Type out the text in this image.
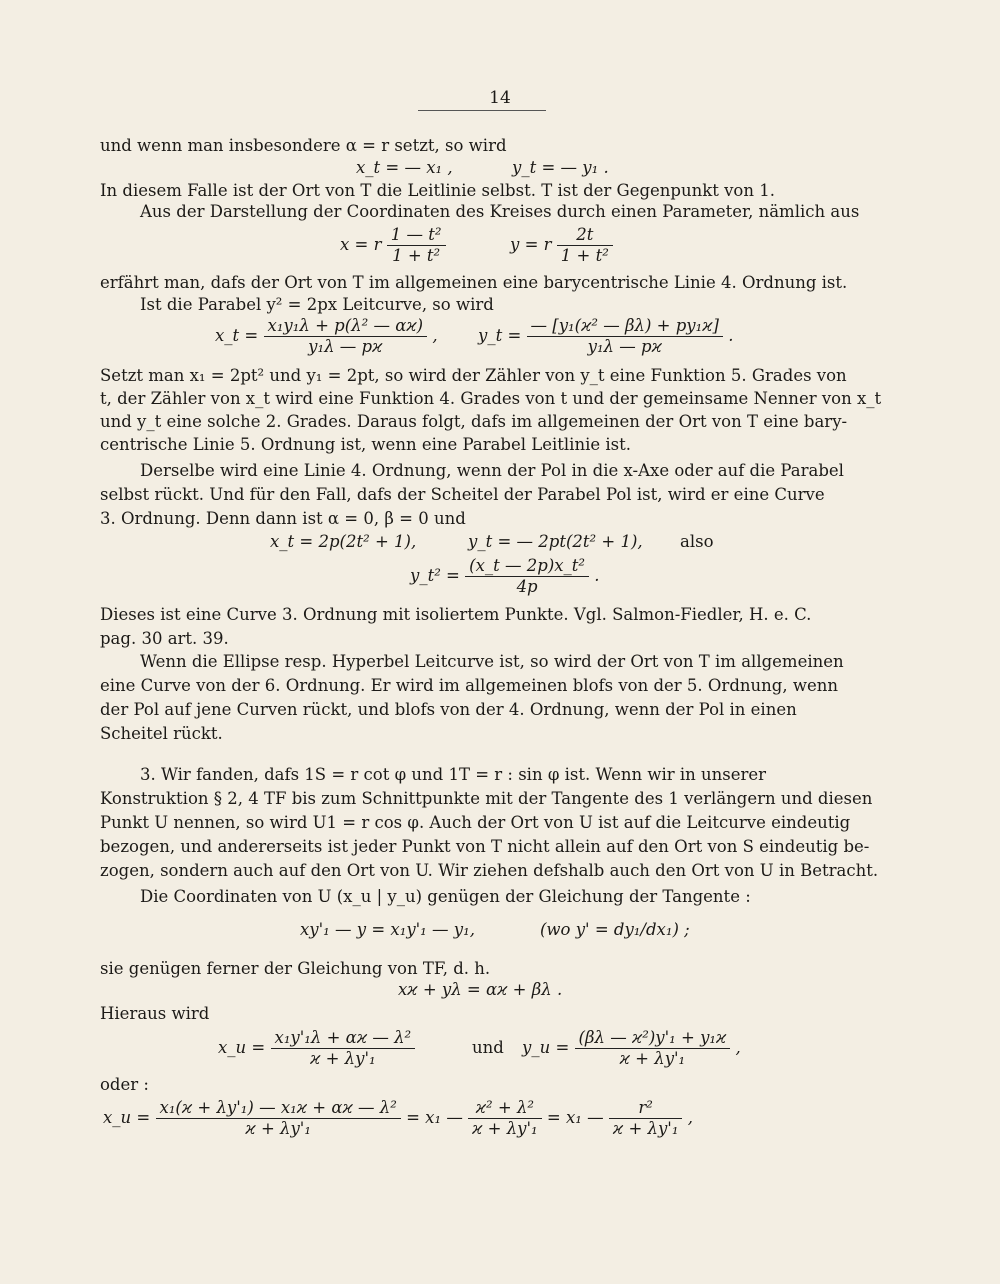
14
und wenn man insbesondere α = r setzt, so wird
x_t = — x₁ ,	y_t = — y₁ .
In diesem Falle ist der Ort von T die Leitlinie selbst. T ist der Gegenpunkt von 1.
Aus der Darstellung der Coordinaten des Kreises durch einen Parameter, nämlich aus
x = r $\frac{\text{1 — t²}}{\text{1 + t²}}$	y = r $\frac{2t}{\text{1 + t²}}$
erfährt man, dafs der Ort von T im allgemeinen eine barycentrische Linie 4. Ordnung ist.
Ist die Parabel y² = 2px Leitcurve, so wird
x_t = $\frac{\text{x₁y₁λ + p(λ² — αϰ)}}{\text{y₁λ — pϰ}}$ , y_t = $\frac{\text{— [y₁(ϰ² — βλ) + py₁ϰ]}}{\text{y₁λ — pϰ}}$ .
Setzt man x₁ = 2pt² und y₁ = 2pt, so wird der Zähler von y_t eine Funktion 5. Grades von
t, der Zähler von x_t wird eine Funktion 4. Grades von t und der gemeinsame Nenner von x_t
und y_t eine solche 2. Grades. Daraus folgt, dafs im allgemeinen der Ort von T eine bary-
centrische Linie 5. Ordnung ist, wenn eine Parabel Leitlinie ist.
Derselbe wird eine Linie 4. Ordnung, wenn der Pol in die x-Axe oder auf die Parabel
selbst rückt. Und für den Fall, dafs der Scheitel der Parabel Pol ist, wird er eine Curve
3. Ordnung. Denn dann ist α = 0, β = 0 und
x_t = 2p(2t² + 1),	y_t = — 2pt(2t² + 1), also
y_t² = $\frac{\text{(x\_t — 2p)x\_t²}}{4p}$ .
Dieses ist eine Curve 3. Ordnung mit isoliertem Punkte. Vgl. Salmon-Fiedler, H. e. C.
pag. 30 art. 39.
Wenn die Ellipse resp. Hyperbel Leitcurve ist, so wird der Ort von T im allgemeinen
eine Curve von der 6. Ordnung. Er wird im allgemeinen blofs von der 5. Ordnung, wenn
der Pol auf jene Curven rückt, und blofs von der 4. Ordnung, wenn der Pol in einen
Scheitel rückt.
3. Wir fanden, dafs 1S = r cot φ und 1T = r : sin φ ist. Wenn wir in unserer
Konstruktion § 2, 4 TF bis zum Schnittpunkte mit der Tangente des 1 verlängern und diesen
Punkt U nennen, so wird U1 = r cos φ. Auch der Ort von U ist auf die Leitcurve eindeutig
bezogen, und andererseits ist jeder Punkt von T nicht allein auf den Ort von S eindeutig be-
zogen, sondern auch auf den Ort von U. Wir ziehen defshalb auch den Ort von U in Betracht.
Die Coordinaten von U (x_u | y_u) genügen der Gleichung der Tangente :
xy'₁ — y = x₁y'₁ — y₁,	(wo y' = dy₁/dx₁) ;
sie genügen ferner der Gleichung von TF, d. h.
xϰ + yλ = αϰ + βλ .
Hieraus wird
x_u = $\frac{\text{x₁y'₁λ + αϰ — λ²}}{\text{ϰ + λy'₁}}$	und y_u = $\frac{\text{(βλ — ϰ²)y'₁ + y₁ϰ}}{\text{ϰ + λy'₁}}$ ,
oder :
x_u = $\frac{\text{x₁(ϰ + λy'₁) — x₁ϰ + αϰ — λ²}}{\text{ϰ + λy'₁}} = x_1$ — $\frac{\text{ϰ² + λ²}}{\text{ϰ + λy'₁}} = x_1$ — $\frac{\text{r²}}{\text{ϰ + λy'₁}}$ ,
